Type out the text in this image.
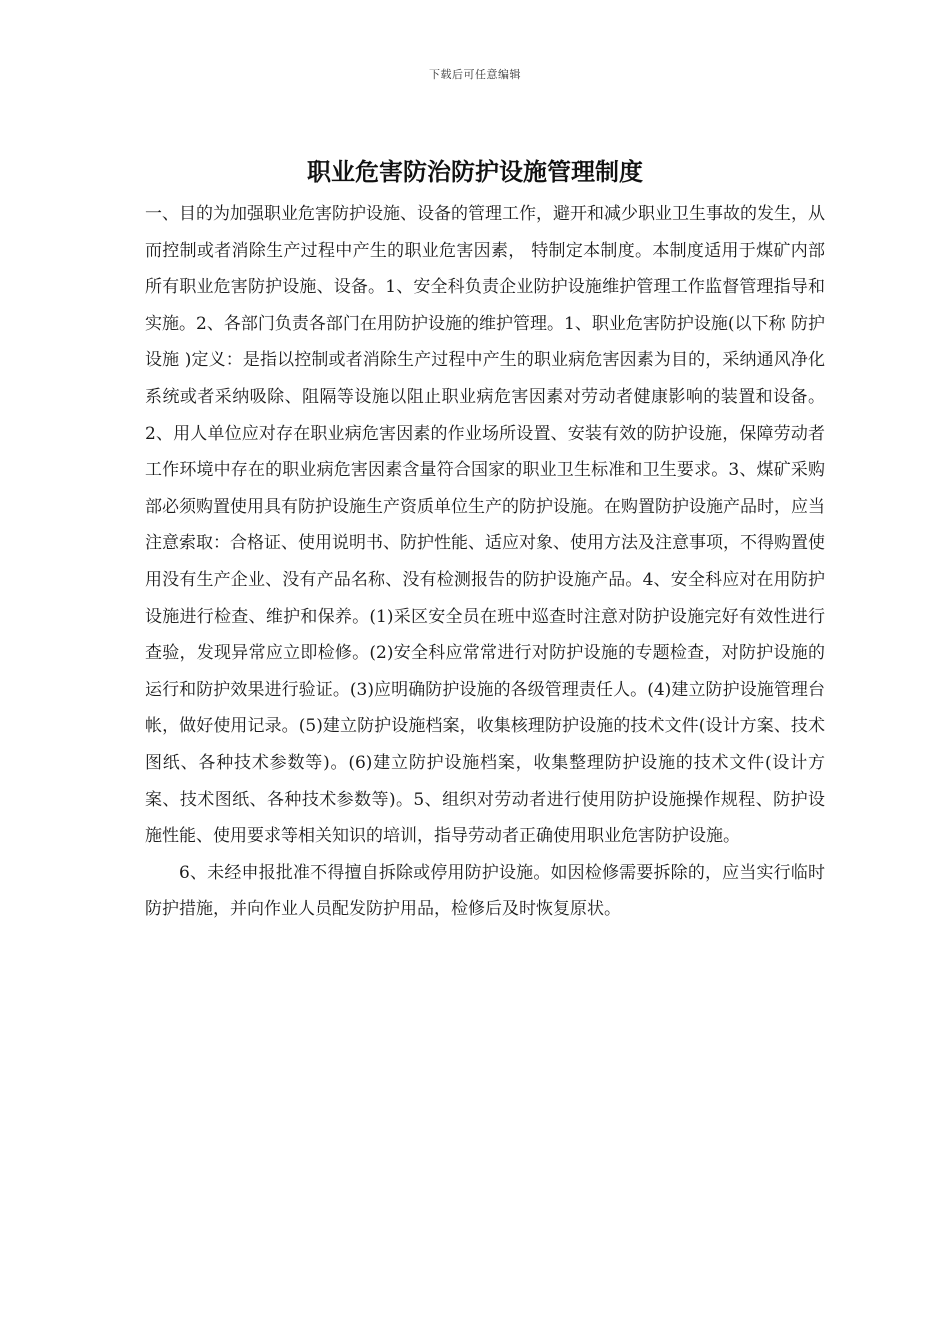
下载后可任意编辑
职业危害防治防护设施管理制度

一、目的为加强职业危害防护设施、设备的管理工作，避开和减少职业卫生事故的发生，从而控制或者消除生产过程中产生的职业危害因素， 特制定本制度。本制度适用于煤矿内部所有职业危害防护设施、设备。1、安全科负责企业防护设施维护管理工作监督管理指导和实施。2、各部门负责各部门在用防护设施的维护管理。1、职业危害防护设施(以下称 防护设施 )定义：是指以控制或者消除生产过程中产生的职业病危害因素为目的，采纳通风净化系统或者采纳吸除、阻隔等设施以阻止职业病危害因素对劳动者健康影响的装置和设备。2、用人单位应对存在职业病危害因素的作业场所设置、安装有效的防护设施，保障劳动者工作环境中存在的职业病危害因素含量符合国家的职业卫生标准和卫生要求。3、煤矿采购部必须购置使用具有防护设施生产资质单位生产的防护设施。在购置防护设施产品时，应当注意索取：合格证、使用说明书、防护性能、适应对象、使用方法及注意事项，不得购置使用没有生产企业、没有产品名称、没有检测报告的防护设施产品。4、安全科应对在用防护设施进行检查、维护和保养。(1)采区安全员在班中巡查时注意对防护设施完好有效性进行查验，发现异常应立即检修。(2)安全科应常常进行对防护设施的专题检查，对防护设施的运行和防护效果进行验证。(3)应明确防护设施的各级管理责任人。(4)建立防护设施管理台帐，做好使用记录。(5)建立防护设施档案，收集核理防护设施的技术文件(设计方案、技术图纸、各种技术参数等)。(6)建立防护设施档案，收集整理防护设施的技术文件(设计方案、技术图纸、各种技术参数等)。5、组织对劳动者进行使用防护设施操作规程、防护设施性能、使用要求等相关知识的培训，指导劳动者正确使用职业危害防护设施。

6、未经申报批准不得擅自拆除或停用防护设施。如因检修需要拆除的，应当实行临时防护措施，并向作业人员配发防护用品，检修后及时恢复原状。
